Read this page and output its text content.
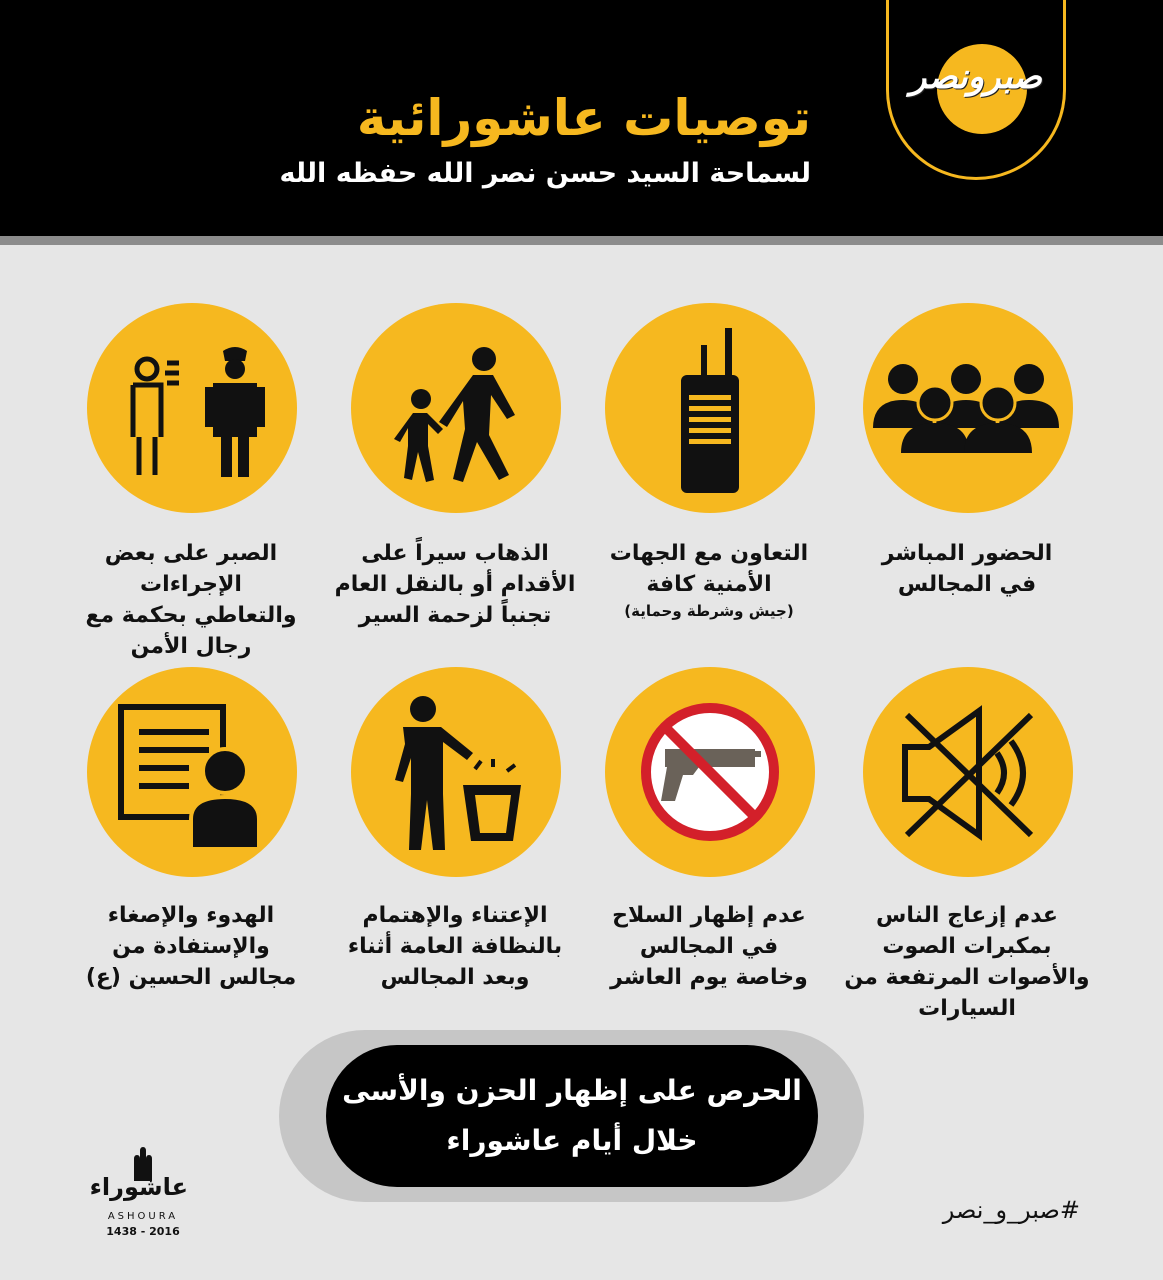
توصيات عاشورائية
لسماحة السيد حسن نصر الله حفظه الله
صبرونصر
الحضور المباشر
في المجالس
التعاون مع الجهات
الأمنية كافة
(جيش وشرطة وحماية)
الذهاب سيراً على
الأقدام أو بالنقل العام
تجنباً لزحمة السير
الصبر على بعض الإجراءات
والتعاطي بحكمة مع
رجال الأمن
عدم إزعاج الناس
بمكبرات الصوت
والأصوات المرتفعة من
السيارات
عدم إظهار السلاح
في المجالس
وخاصة يوم العاشر
الإعتناء والإهتمام
بالنظافة العامة أثناء
وبعد المجالس
الهدوء والإصغاء
والإستفادة من
مجالس الحسين (ع)
الحرص على إظهار الحزن والأسى
خلال أيام عاشوراء
عاشوراء
ASHOURA
1438 - 2016
#صبر_و_نصر
